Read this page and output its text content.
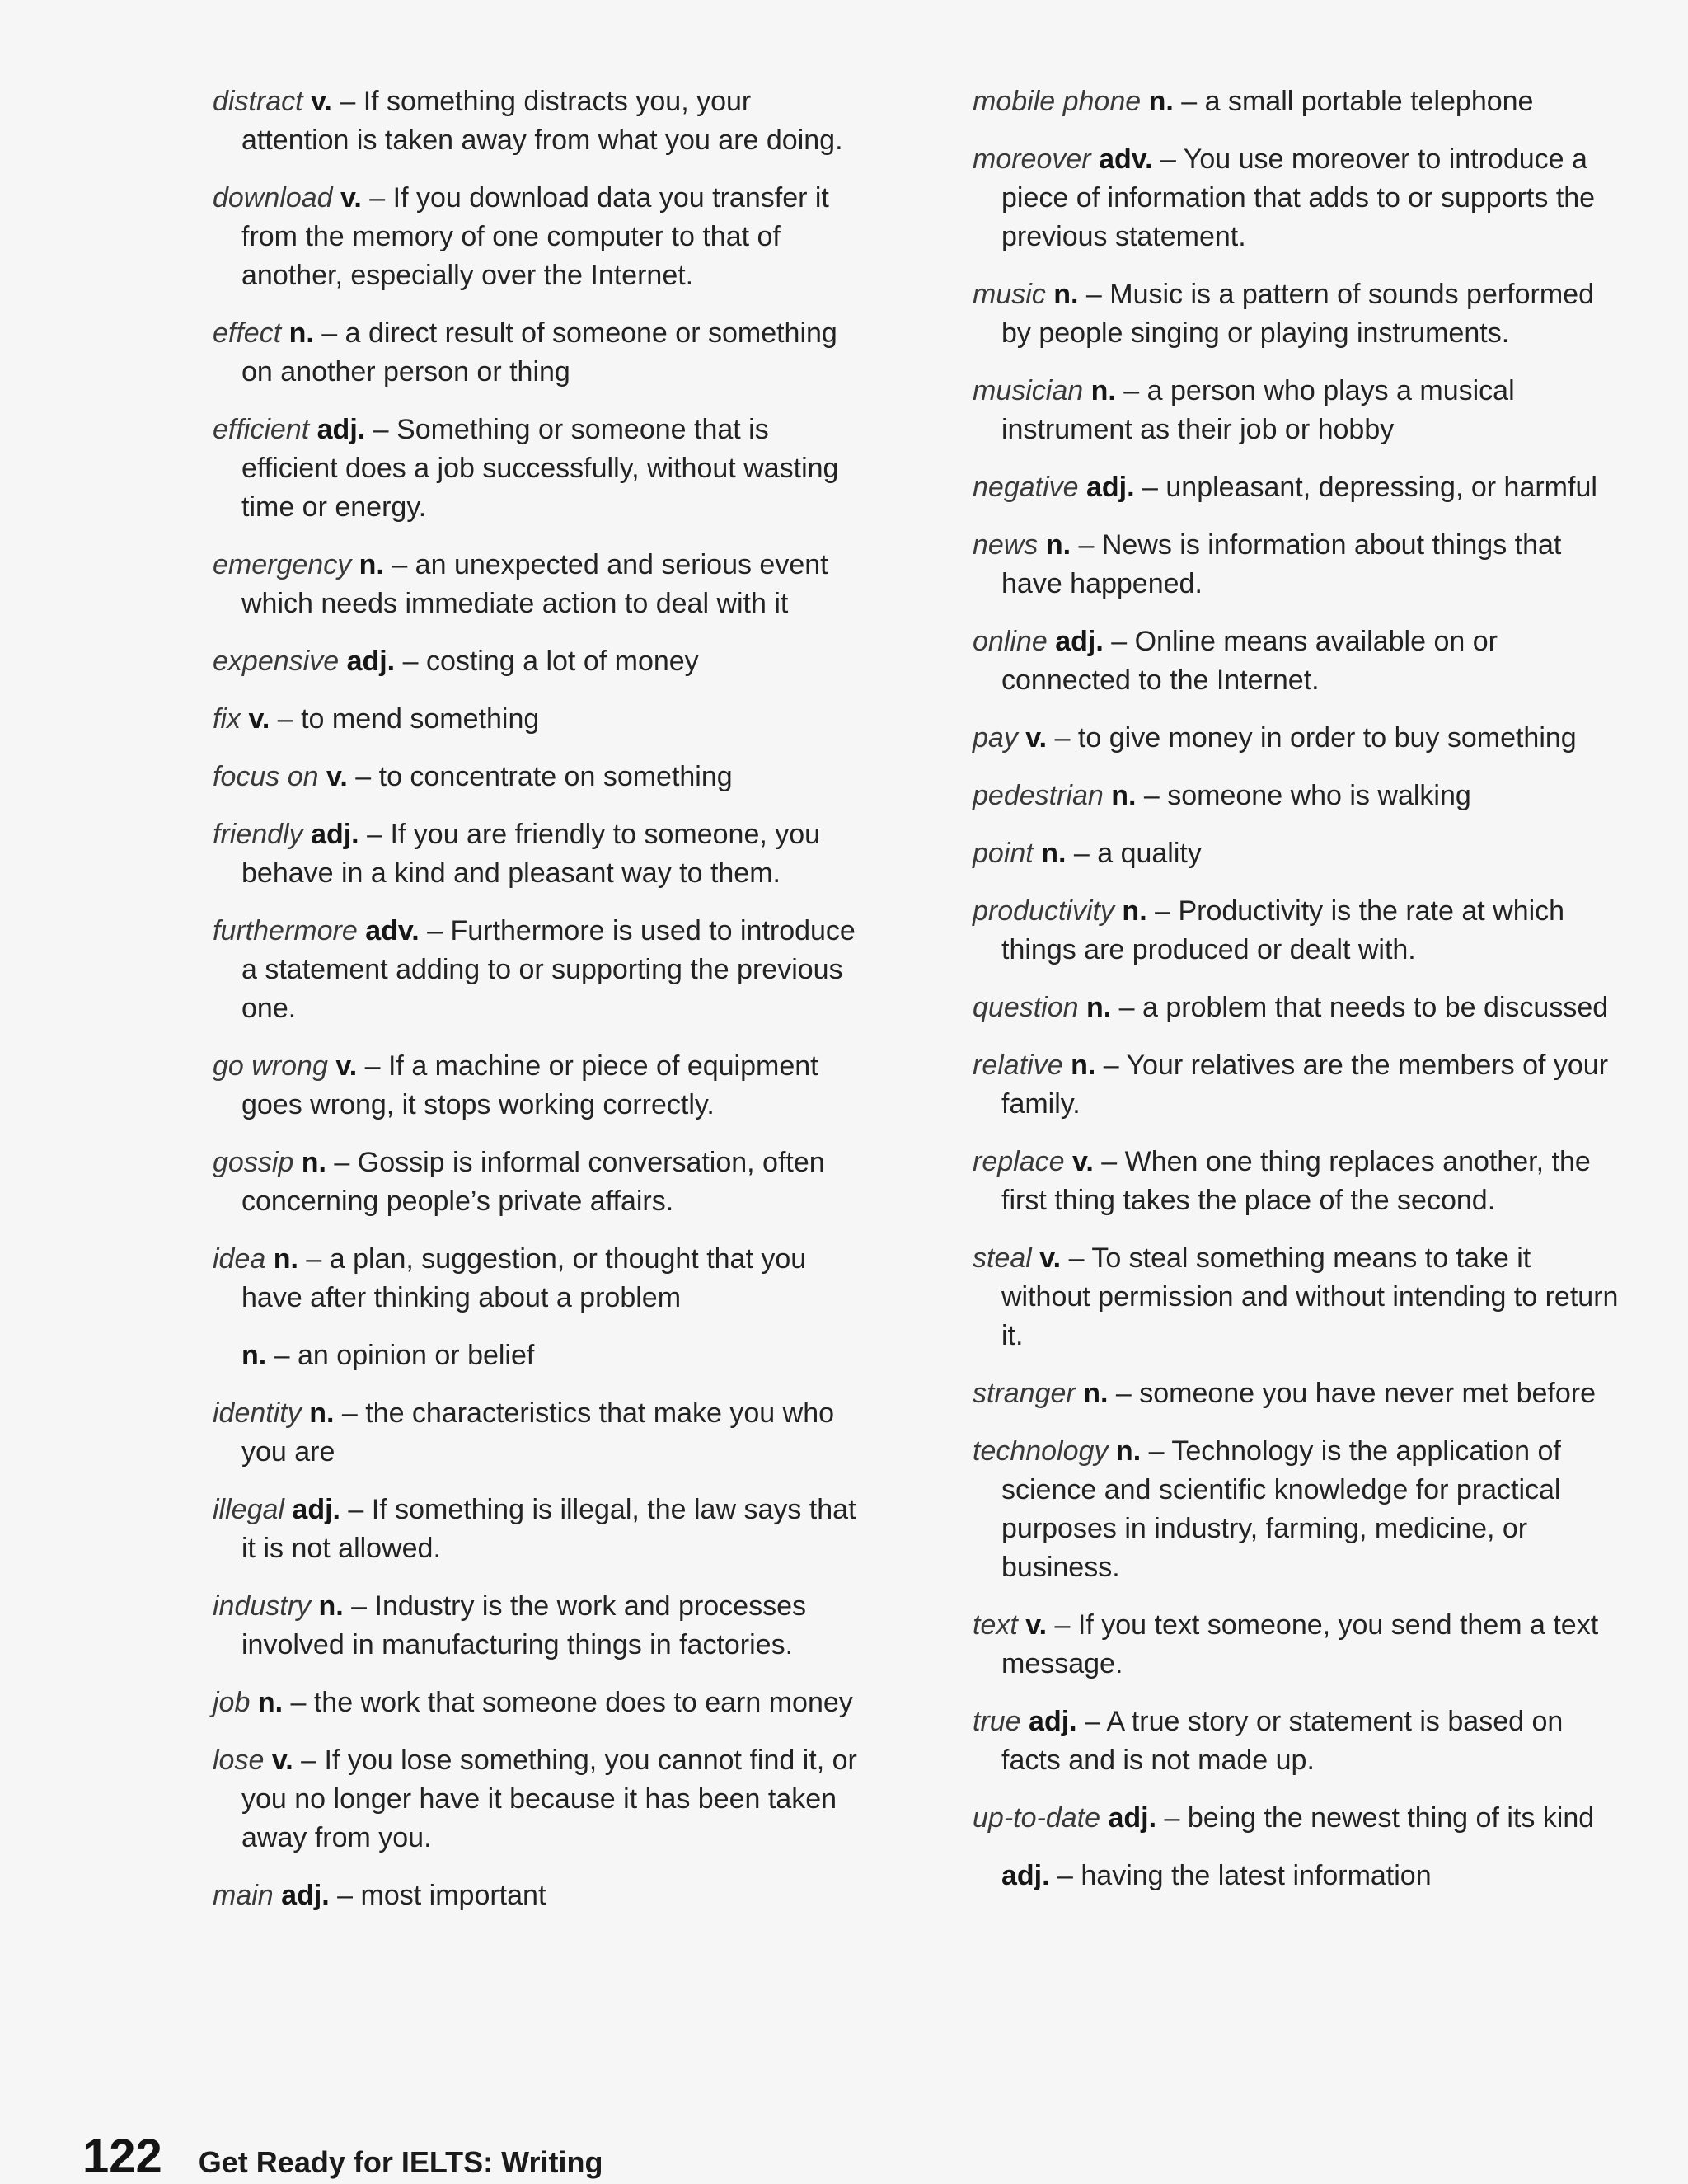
distract v. – If something distracts you, your attention is taken away from what you are doing.

download v. – If you download data you transfer it from the memory of one computer to that of another, especially over the Internet.

effect n. – a direct result of someone or something on another person or thing

efficient adj. – Something or someone that is efficient does a job successfully, without wasting time or energy.

emergency n. – an unexpected and serious event which needs immediate action to deal with it

expensive adj. – costing a lot of money

fix v. – to mend something

focus on v. – to concentrate on something

friendly adj. – If you are friendly to someone, you behave in a kind and pleasant way to them.

furthermore adv. – Furthermore is used to introduce a statement adding to or supporting the previous one.

go wrong v. – If a machine or piece of equipment goes wrong, it stops working correctly.

gossip n. – Gossip is informal conversation, often concerning people’s private affairs.

idea n. – a plan, suggestion, or thought that you have after thinking about a problem

n. – an opinion or belief

identity n. – the characteristics that make you who you are

illegal adj. – If something is illegal, the law says that it is not allowed.

industry n. – Industry is the work and processes involved in manufacturing things in factories.

job n. – the work that someone does to earn money

lose v. – If you lose something, you cannot find it, or you no longer have it because it has been taken away from you.

main adj. – most important

mobile phone n. – a small portable telephone

moreover adv. – You use moreover to introduce a piece of information that adds to or supports the previous statement.

music n. – Music is a pattern of sounds performed by people singing or playing instruments.

musician n. – a person who plays a musical instrument as their job or hobby

negative adj. – unpleasant, depressing, or harmful

news n. – News is information about things that have happened.

online adj. – Online means available on or connected to the Internet.

pay v. – to give money in order to buy something

pedestrian n. – someone who is walking

point n. – a quality

productivity n. – Productivity is the rate at which things are produced or dealt with.

question n. – a problem that needs to be discussed

relative n. – Your relatives are the members of your family.

replace v. – When one thing replaces another, the first thing takes the place of the second.

steal v. – To steal something means to take it without permission and without intending to return it.

stranger n. – someone you have never met before

technology n. – Technology is the application of science and scientific knowledge for practical purposes in industry, farming, medicine, or business.

text v. – If you text someone, you send them a text message.

true adj. – A true story or statement is based on facts and is not made up.

up-to-date adj. – being the newest thing of its kind

adj. – having the latest information

122 Get Ready for IELTS: Writing
